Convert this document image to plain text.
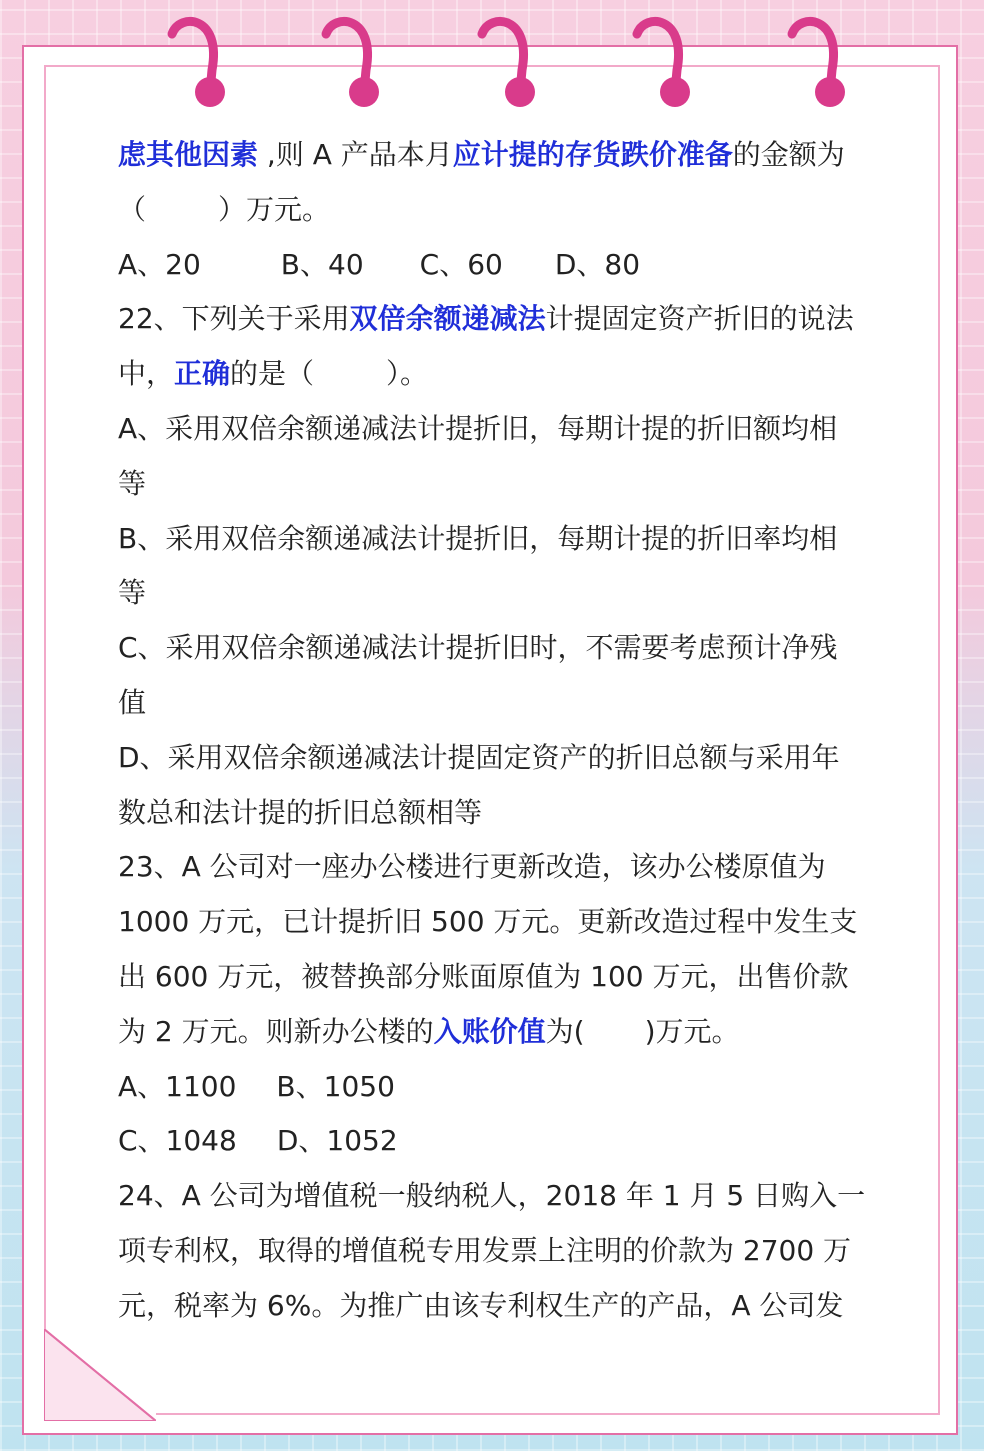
虑其他因素 ,则 A 产品本月应计提的存货跌价准备的金额为
（	）万元。
A、20	B、40 C、60 D、80
22、下列关于采用双倍余额递减法计提固定资产折旧的说法
中，正确的是（	）。
A、采用双倍余额递减法计提折旧，每期计提的折旧额均相
等
B、采用双倍余额递减法计提折旧，每期计提的折旧率均相
等
C、采用双倍余额递减法计提折旧时，不需要考虑预计净残
值
D、采用双倍余额递减法计提固定资产的折旧总额与采用年
数总和法计提的折旧总额相等
23、A 公司对一座办公楼进行更新改造，该办公楼原值为
1000 万元，已计提折旧 500 万元。更新改造过程中发生支
出 600 万元，被替换部分账面原值为 100 万元，出售价款
为 2 万元。则新办公楼的入账价值为( )万元。
A、1100 B、1050
C、1048 D、1052
24、A 公司为增值税一般纳税人，2018 年 1 月 5 日购入一
项专利权，取得的增值税专用发票上注明的价款为 2700 万
元，税率为 6%。为推广由该专利权生产的产品，A 公司发
